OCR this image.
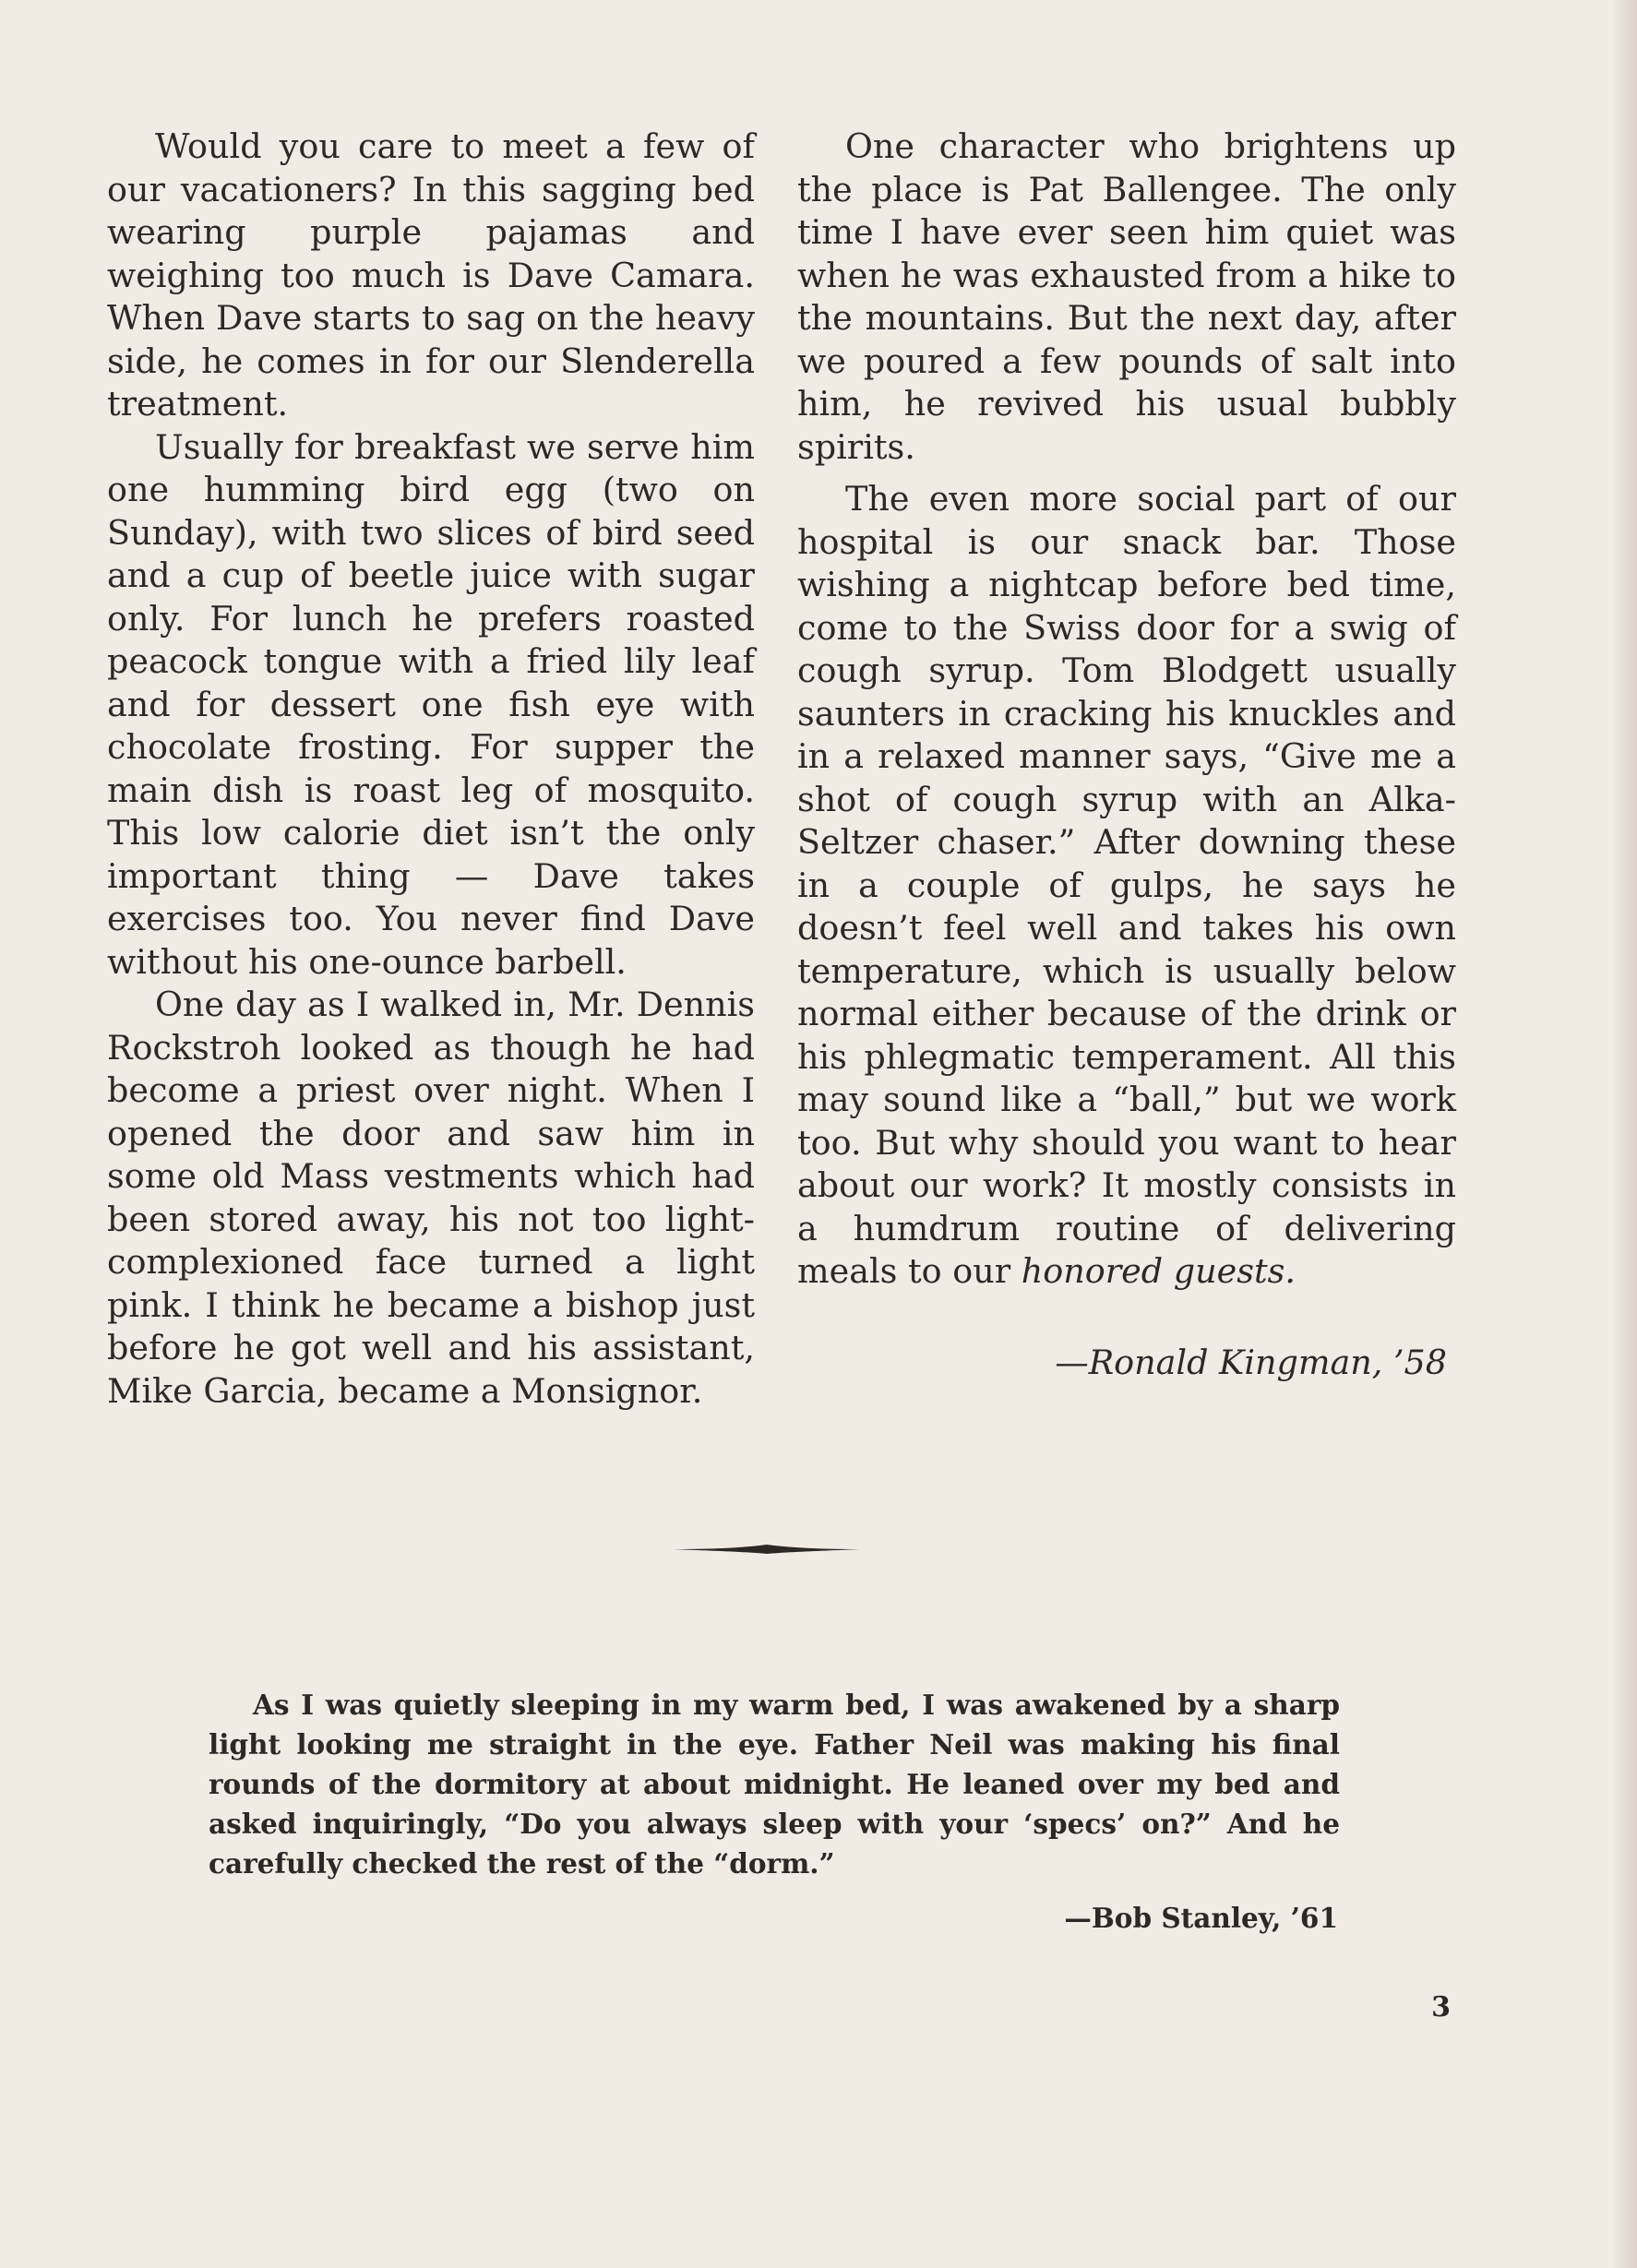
Would you care to meet a few of our vacationers? In this sagging bed wearing purple pajamas and weighing too much is Dave Camara. When Dave starts to sag on the heavy side, he comes in for our Slenderella treatment.

Usually for breakfast we serve him one humming bird egg (two on Sunday), with two slices of bird seed and a cup of beetle juice with sugar only. For lunch he prefers roasted peacock tongue with a fried lily leaf and for dessert one fish eye with chocolate frosting. For supper the main dish is roast leg of mosquito. This low calorie diet isn’t the only important thing — Dave takes exercises too. You never find Dave without his one-ounce barbell.

One day as I walked in, Mr. Dennis Rockstroh looked as though he had become a priest over night. When I opened the door and saw him in some old Mass vestments which had been stored away, his not too light-complexioned face turned a light pink. I think he became a bishop just before he got well and his assistant, Mike Garcia, became a Monsignor.

One character who brightens up the place is Pat Ballengee. The only time I have ever seen him quiet was when he was exhausted from a hike to the mountains. But the next day, after we poured a few pounds of salt into him, he revived his usual bubbly spirits.

The even more social part of our hospital is our snack bar. Those wishing a nightcap before bed time, come to the Swiss door for a swig of cough syrup. Tom Blodgett usually saunters in cracking his knuckles and in a relaxed manner says, “Give me a shot of cough syrup with an Alka-Seltzer chaser.” After downing these in a couple of gulps, he says he doesn’t feel well and takes his own temperature, which is usually below normal either because of the drink or his phlegmatic temperament. All this may sound like a “ball,” but we work too. But why should you want to hear about our work? It mostly consists in a humdrum routine of delivering meals to our honored guests.

—Ronald Kingman, ’58

As I was quietly sleeping in my warm bed, I was awakened by a sharp light looking me straight in the eye. Father Neil was making his final rounds of the dormitory at about midnight. He leaned over my bed and asked inquiringly, “Do you always sleep with your ‘specs’ on?” And he carefully checked the rest of the “dorm.”

—Bob Stanley, ’61

3
